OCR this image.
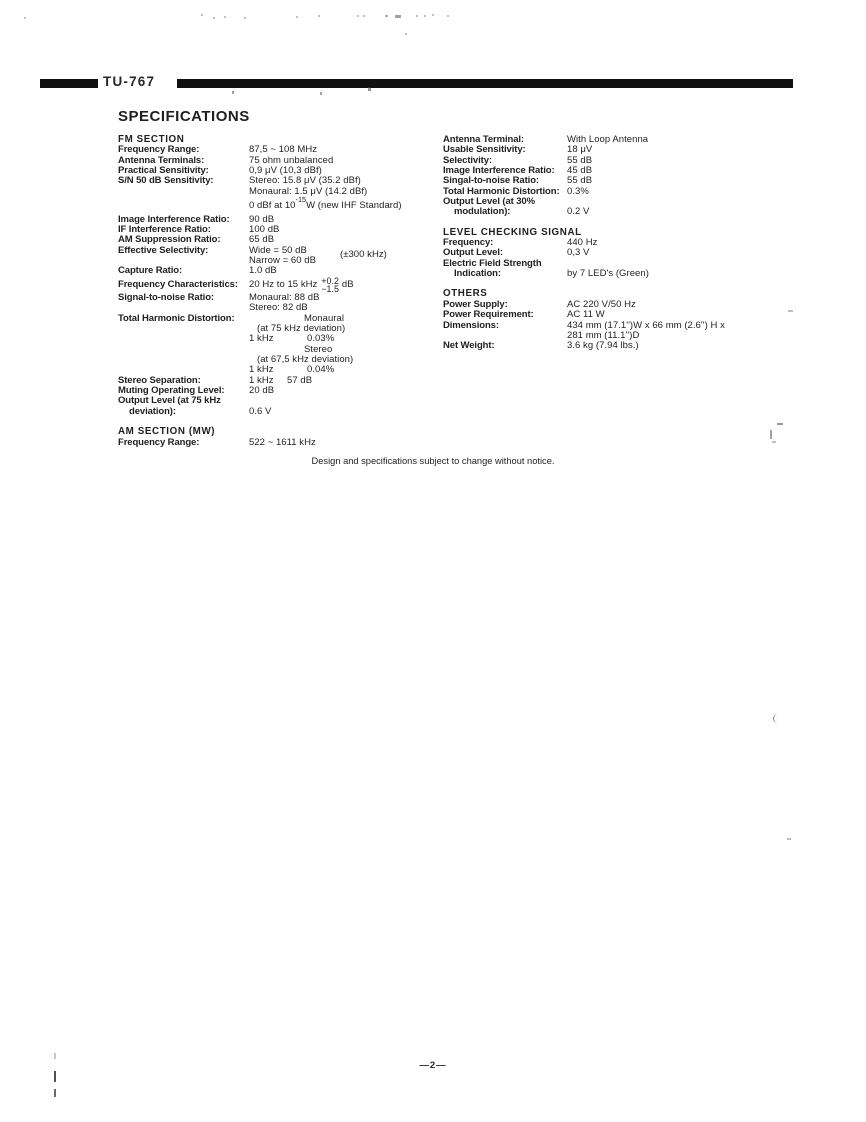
TU-767
SPECIFICATIONS
FM SECTION
Frequency Range:	87,5 ~ 108 MHz
Antenna Terminals:	75 ohm unbalanced
Practical Sensitivity:	0,9 μV (10,3 dBf)
S/N 50 dB Sensitivity:	Stereo: 15.8 μV (35.2 dBf)
Monaural: 1.5 μV (14.2 dBf)
0 dBf at $10^{-15}W$ (new IHF Standard)
Image Interference Ratio:	90 dB
IF Interference Ratio:	100 dB
AM Suppression Ratio:	65 dB
Effective Selectivity:	Wide = 50 dB
Narrow = 60 dB
(±300 kHz)
Capture Ratio:	1.0 dB
Frequency Characteristics:	20 Hz to 15 kHz +0.2
−1.5 dB
Signal-to-noise Ratio:	Monaural: 88 dB
Stereo: 82 dB
Total Harmonic Distortion:	Monaural
(at 75 kHz deviation)
1 kHz	0.03%
Stereo
(at 67,5 kHz deviation)
1 kHz	0.04%
Stereo Separation:	1 kHz 57 dB
Muting Operating Level:	20 dB
Output Level (at 75 kHz
deviation):
	0.6 V
AM SECTION (MW)
Frequency Range:	522 ~ 1611 kHz
Antenna Terminal:	With Loop Antenna
Usable Sensitivity:	18 μV
Selectivity:	55 dB
Image Interference Ratio:	45 dB
Singal-to-noise Ratio:	55 dB
Total Harmonic Distortion: 0.3%
Output Level (at 30%
modulation):
	0.2 V
LEVEL CHECKING SIGNAL
Frequency:	440 Hz
Output Level:	0,3 V
Electric Field Strength
Indication:
	by 7 LED's (Green)
OTHERS
Power Supply:	AC 220 V/50 Hz
Power Requirement:	AC 11 W
Dimensions:	434 mm (17.1'')W x 66 mm (2.6'') H x
281 mm (11.1'')D
Net Weight:	3.6 kg (7.94 lbs.)
Design and specifications subject to change without notice.
—2—
